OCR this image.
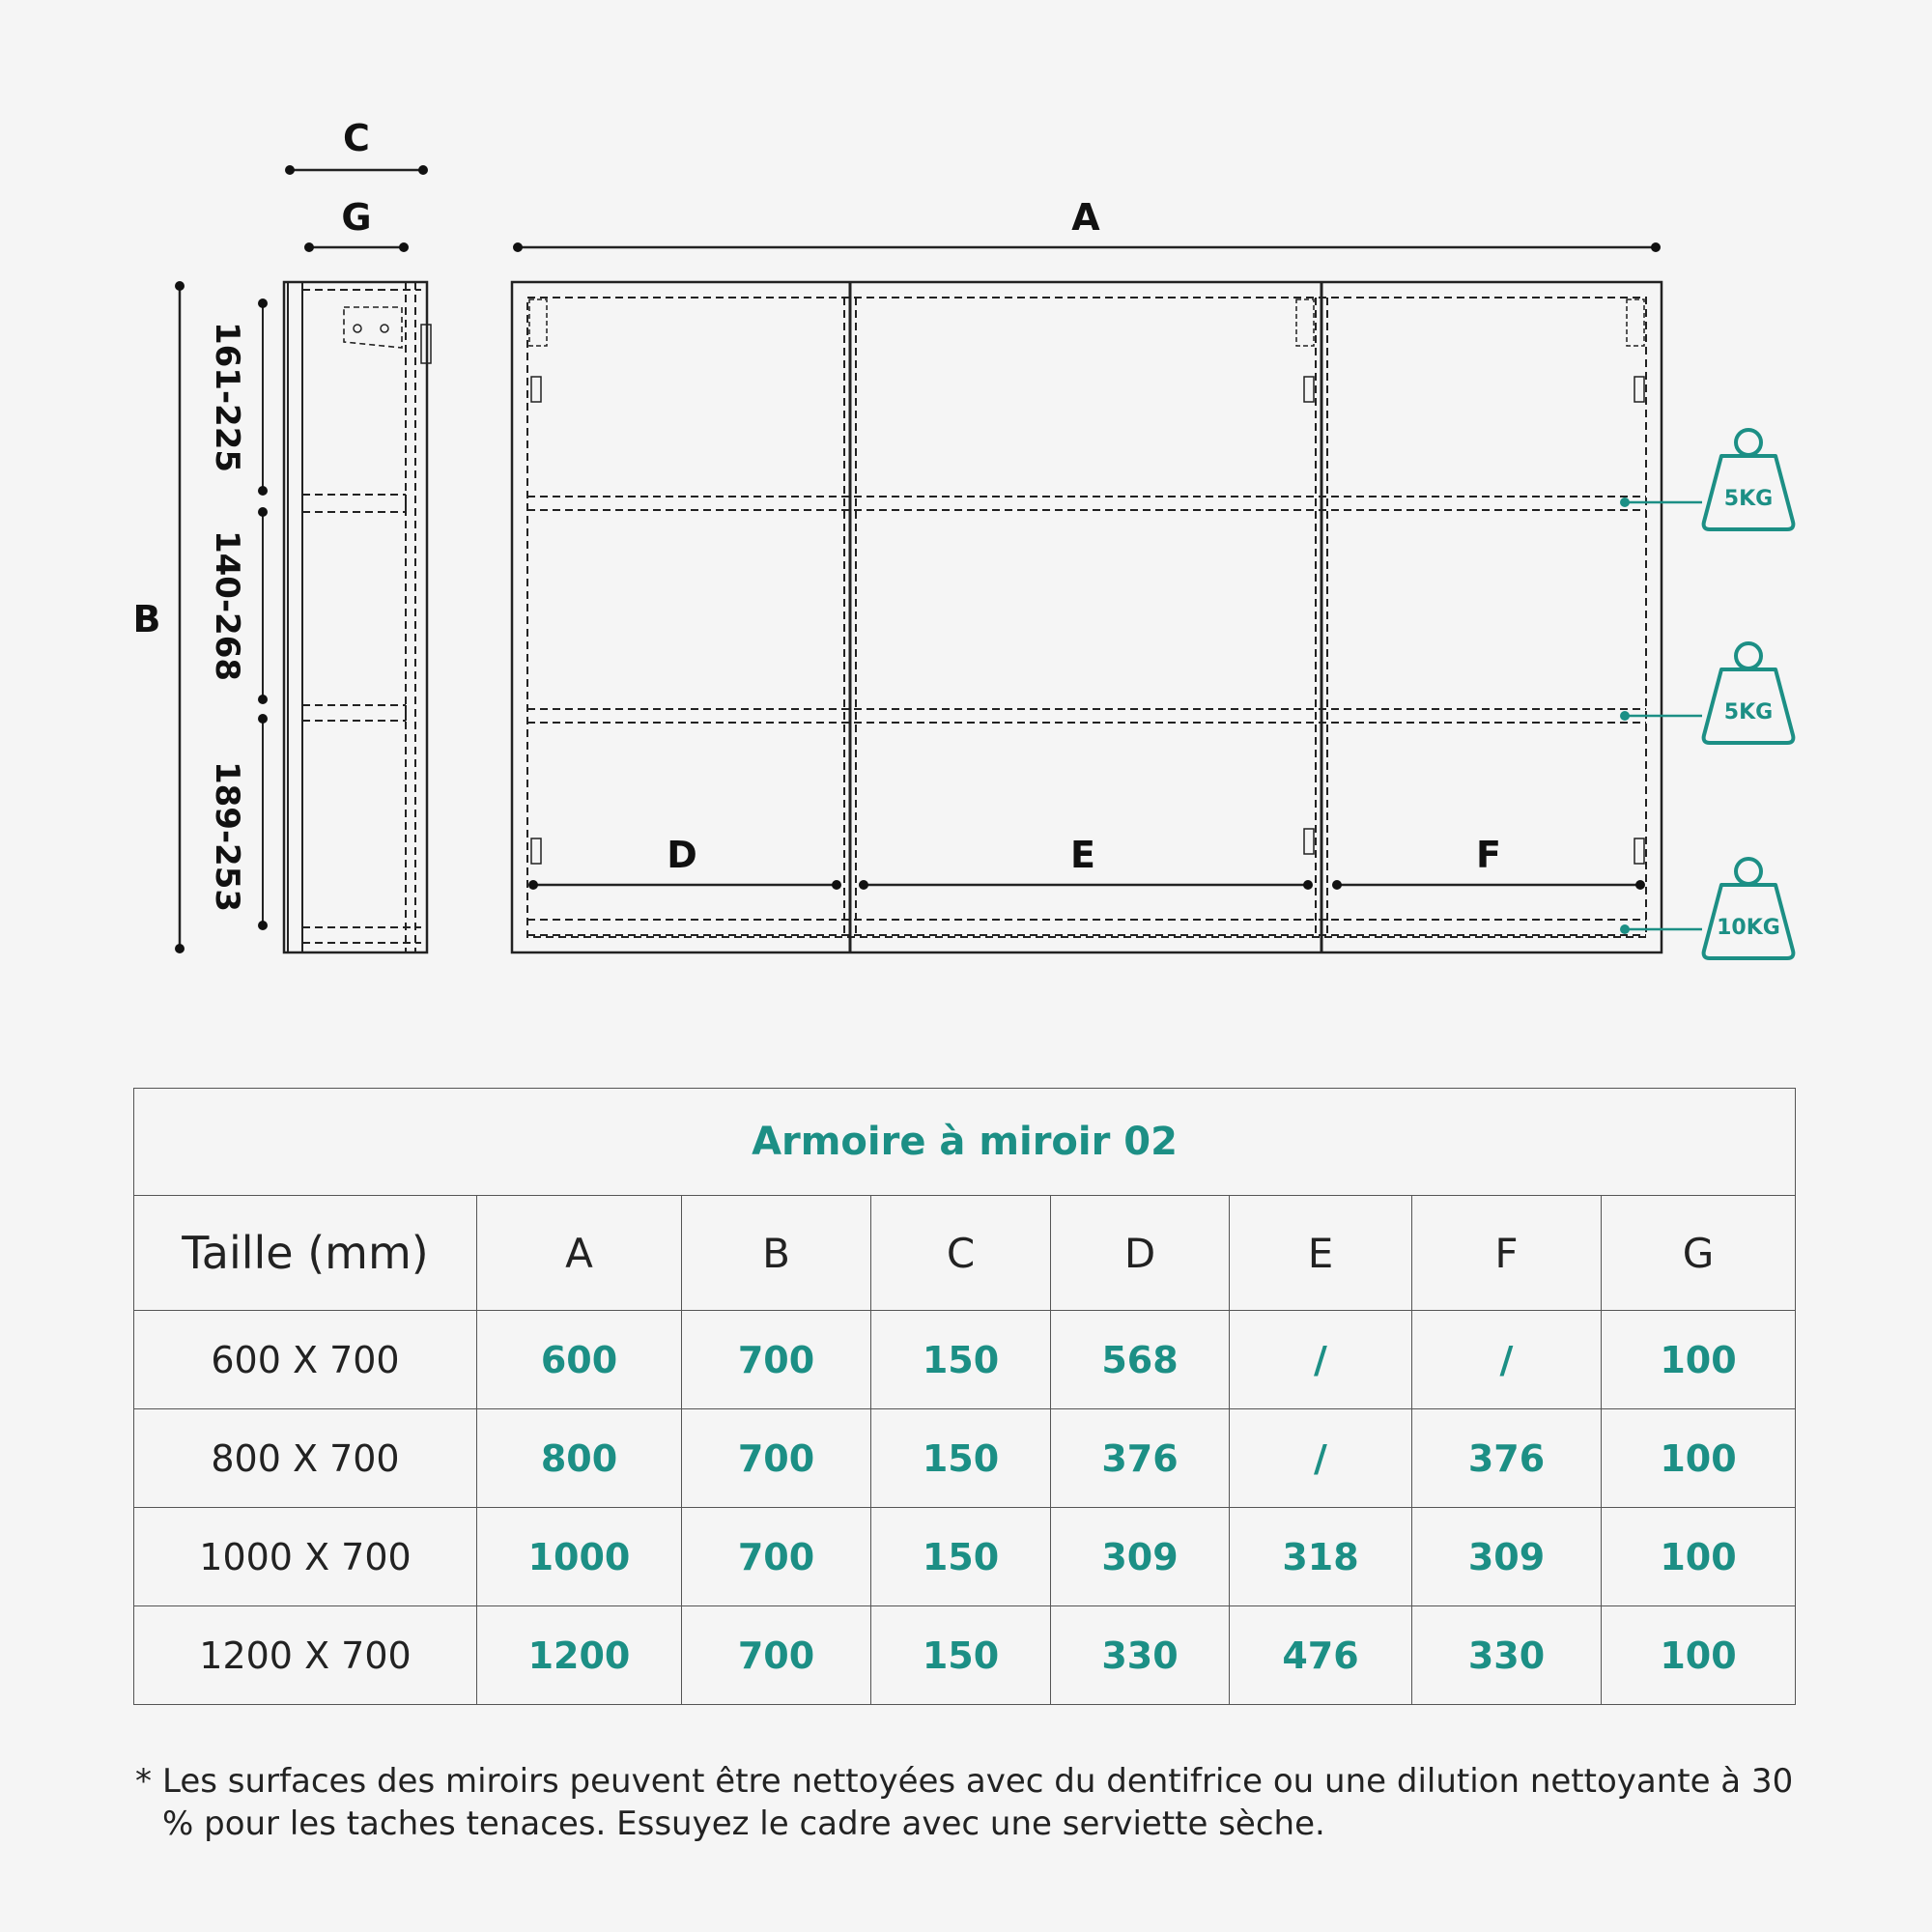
C
G
B
A
D	E	F
161-225
140-268
189-253
5KG
5KG
10KG
Armoire à miroir 02							
Taille (mm)	A	B	C	D	E	F	G
600 X 700	600	700	150	568	/	/	100
800 X 700	800	700	150	376	/	376	100
1000 X 700	1000	700	150	309	318	309	100
1200 X 700	1200	700	150	330	476	330	100
* Les surfaces des miroirs peuvent être nettoyées avec du dentifrice ou une dilution nettoyante à 30 % pour les taches tenaces. Essuyez le cadre avec une serviette sèche.
